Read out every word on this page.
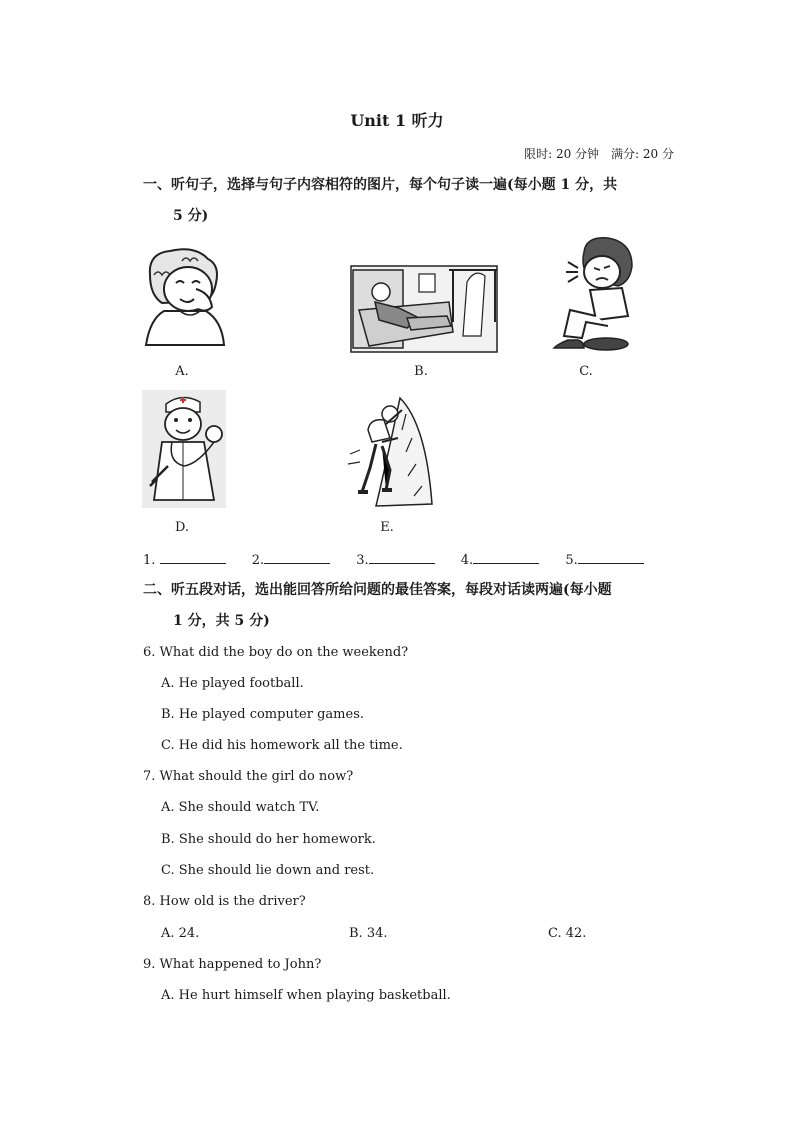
Unit 1 听力
限时: 20 分钟　满分: 20 分
一、听句子，选择与句子内容相符的图片，每个句子读一遍(每小题 1 分，共
5 分)
A.	B.	C.
D.	E.
1.	2.	3.	4.	5.
二、听五段对话，选出能回答所给问题的最佳答案，每段对话读两遍(每小题
1 分，共 5 分)
6. What did the boy do on the weekend?
A. He played football.
B. He played computer games.
C. He did his homework all the time.
7. What should the girl do now?
A. She should watch TV.
B. She should do her homework.
C. She should lie down and rest.
8. How old is the driver?
A. 24.	B. 34.	C. 42.
9. What happened to John?
A. He hurt himself when playing basketball.
